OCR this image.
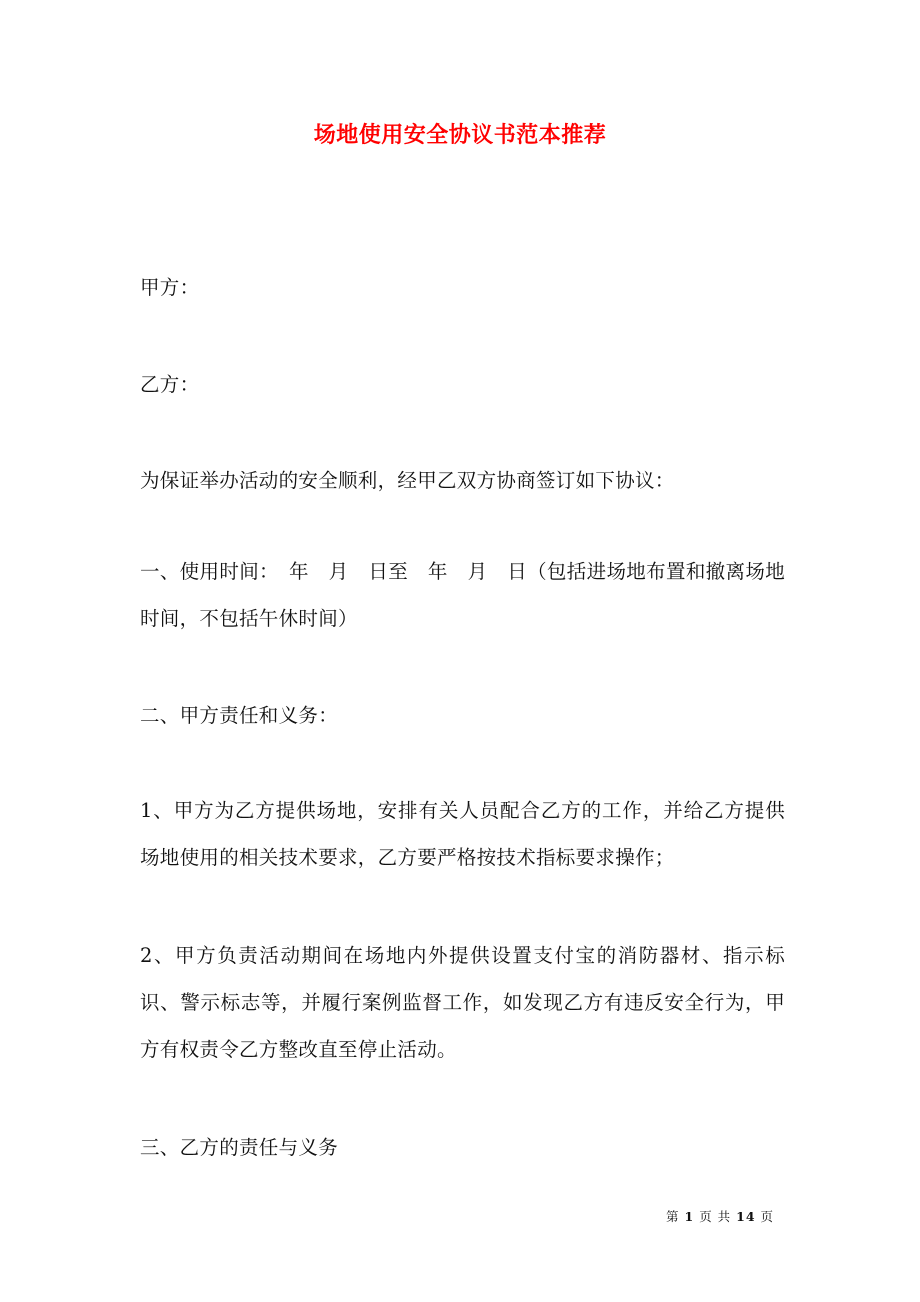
场地使用安全协议书范本推荐

甲方：

乙方：

为保证举办活动的安全顺利，经甲乙双方协商签订如下协议：

一、使用时间：　年　月　日至　年　月　日（包括进场地布置和撤离场地时间，不包括午休时间）

二、甲方责任和义务：

1、甲方为乙方提供场地，安排有关人员配合乙方的工作，并给乙方提供场地使用的相关技术要求，乙方要严格按技术指标要求操作；

2、甲方负责活动期间在场地内外提供设置支付宝的消防器材、指示标识、警示标志等，并履行案例监督工作，如发现乙方有违反安全行为，甲方有权责令乙方整改直至停止活动。

三、乙方的责任与义务

第 1 页 共 14 页
